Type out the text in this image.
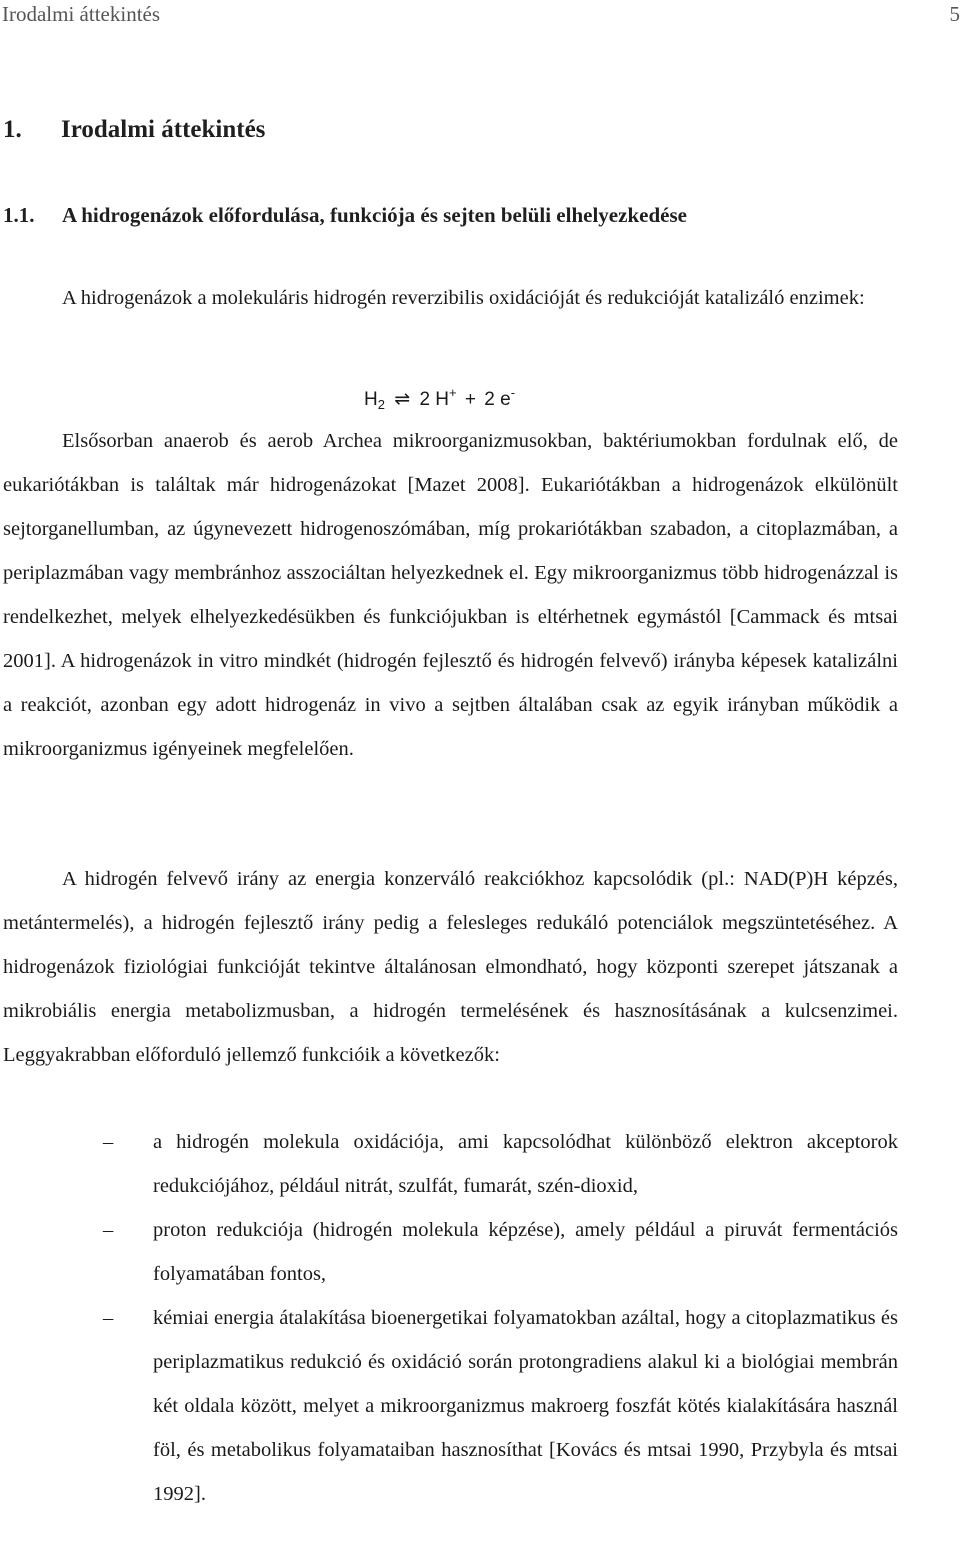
Irodalmi áttekintés	5
1. Irodalmi áttekintés
1.1. A hidrogenázok előfordulása, funkciója és sejten belüli elhelyezkedése

A hidrogenázok a molekuláris hidrogén reverzibilis oxidációját és redukcióját katalizáló enzimek:

$H_2$ ⇌ 2 H+ + 2 e-

Elsősorban anaerob és aerob Archea mikroorganizmusokban, baktériumokban fordulnak elő, de eukariótákban is találtak már hidrogenázokat [Mazet 2008]. Eukariótákban a hidrogenázok elkülönült sejtorganellumban, az úgynevezett hidrogenoszómában, míg prokariótákban szabadon, a citoplazmában, a periplazmában vagy membránhoz asszociáltan helyezkednek el. Egy mikroorganizmus több hidrogenázzal is rendelkezhet, melyek elhelyezkedésükben és funkciójukban is eltérhetnek egymástól [Cammack és mtsai 2001]. A hidrogenázok in vitro mindkét (hidrogén fejlesztő és hidrogén felvevő) irányba képesek katalizálni a reakciót, azonban egy adott hidrogenáz in vivo a sejtben általában csak az egyik irányban működik a mikroorganizmus igényeinek megfelelően.

A hidrogén felvevő irány az energia konzerváló reakciókhoz kapcsolódik (pl.: NAD(P)H képzés, metántermelés), a hidrogén fejlesztő irány pedig a felesleges redukáló potenciálok megszüntetéséhez. A hidrogenázok fiziológiai funkcióját tekintve általánosan elmondható, hogy központi szerepet játszanak a mikrobiális energia metabolizmusban, a hidrogén termelésének és hasznosításának a kulcsenzimei. Leggyakrabban előforduló jellemző funkcióik a következők:

– a hidrogén molekula oxidációja, ami kapcsolódhat különböző elektron akceptorok redukciójához, például nitrát, szulfát, fumarát, szén-dioxid,
– proton redukciója (hidrogén molekula képzése), amely például a piruvát fermentációs folyamatában fontos,
– kémiai energia átalakítása bioenergetikai folyamatokban azáltal, hogy a citoplazmatikus és periplazmatikus redukció és oxidáció során protongradiens alakul ki a biológiai membrán két oldala között, melyet a mikroorganizmus makroerg foszfát kötés kialakítására használ föl, és metabolikus folyamataiban hasznosíthat [Kovács és mtsai 1990, Przybyla és mtsai 1992].
